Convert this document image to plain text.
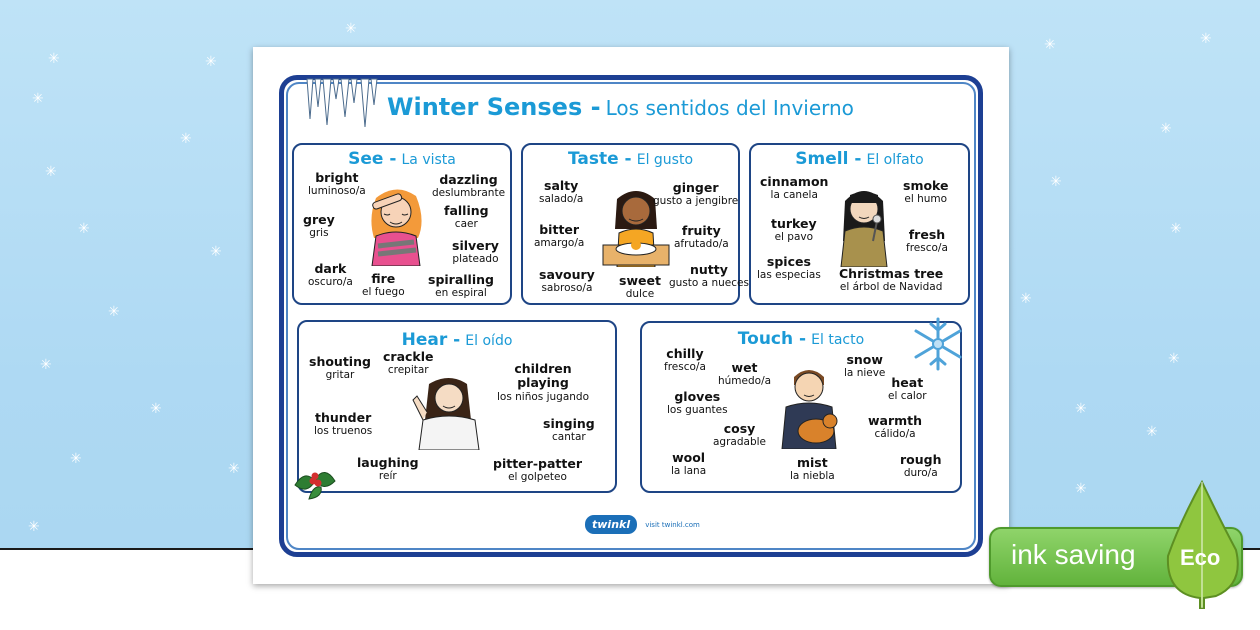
✳	✳
✳
✳
✳
✳
✳
✳
✳
✳
✳
✳
✳
✳
✳
✳
✳
✳
✳
✳
✳
✳
✳
✳
Winter Senses - Los sentidos del Invierno
See - La vista
bright
luminoso/a
dazzling
deslumbrante
falling
caer
grey
gris
silvery
plateado
dark
oscuro/a	fire
el fuego
spiralling
en espiral
Taste - El gusto
salty
salado/a
ginger
gusto a jengibre
bitter
amargo/a
fruity
afrutado/a
nutty
gusto a nueces
savoury
sabroso/a
sweet
dulce
Smell - El olfato
cinnamon
la canela
smoke
el humo
turkey
el pavo	fresh
fresco/a
spices
las especias Christmas tree
el árbol de Navidad
Hear - El oído
shouting
gritar
crackle
crepitar	children playing
los niños jugando
thunder
los truenos
singing
cantar
laughing
reír
pitter-patter
el golpeteo
Touch - El tacto
chilly
fresco/a	wet
húmedo/a
snow
la nieve
heat
el calor
gloves
los guantes
cosy
agradable
warmth
cálido/a
wool
la lana
mist
la niebla
rough
duro/a
twinkl visit twinkl.com
ink saving Eco
